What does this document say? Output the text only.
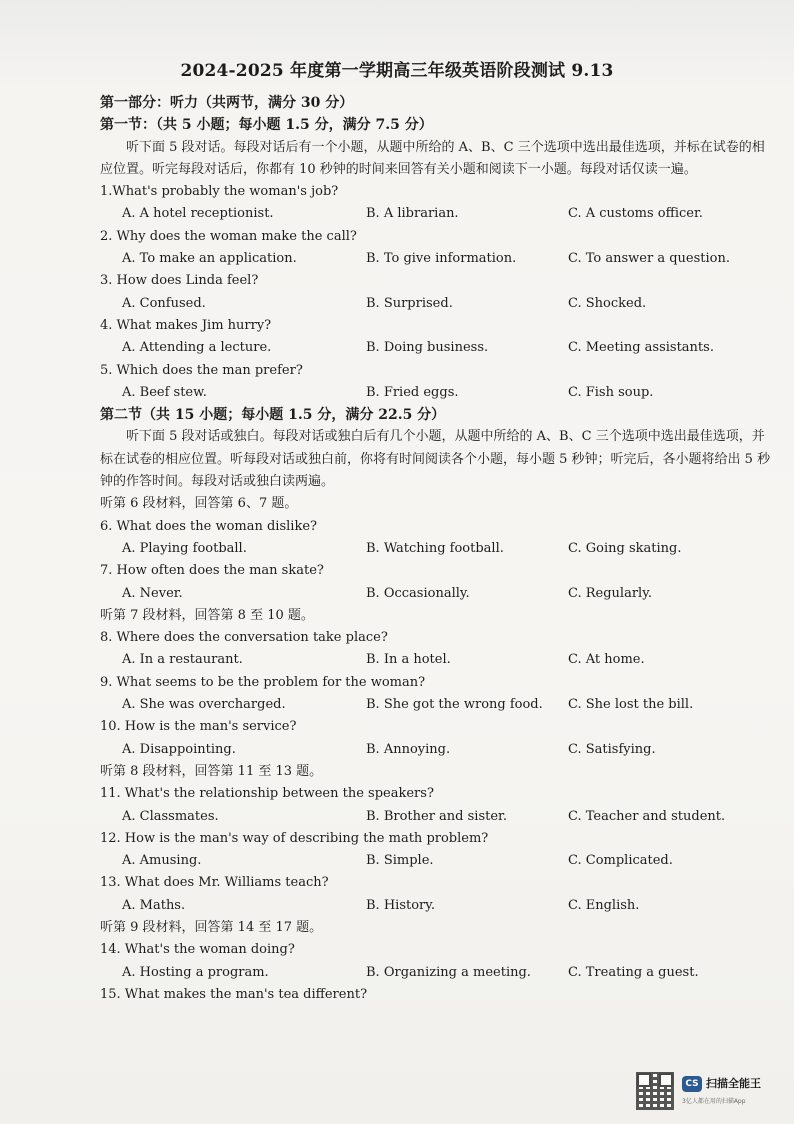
2024-2025 年度第一学期高三年级英语阶段测试 9.13
第一部分：听力（共两节，满分 30 分）
第一节：（共 5 小题；每小题 1.5 分，满分 7.5 分）
听下面 5 段对话。每段对话后有一个小题，从题中所给的 A、B、C 三个选项中选出最佳选项，并标在试卷的相应位置。听完每段对话后，你都有 10 秒钟的时间来回答有关小题和阅读下一小题。每段对话仅读一遍。
1.What's probably the woman's job?
A. A hotel receptionist.	B. A librarian.	C. A customs officer.
2. Why does the woman make the call?
A. To make an application.	B. To give information.	C. To answer a question.
3. How does Linda feel?
A. Confused.	B. Surprised.	C. Shocked.
4. What makes Jim hurry?
A. Attending a lecture.	B. Doing business.	C. Meeting assistants.
5. Which does the man prefer?
A. Beef stew.	B. Fried eggs.	C. Fish soup.
第二节（共 15 小题；每小题 1.5 分，满分 22.5 分）
听下面 5 段对话或独白。每段对话或独白后有几个小题，从题中所给的 A、B、C 三个选项中选出最佳选项，并标在试卷的相应位置。听每段对话或独白前，你将有时间阅读各个小题，每小题 5 秒钟；听完后，各小题将给出 5 秒钟的作答时间。每段对话或独白读两遍。
听第 6 段材料，回答第 6、7 题。
6. What does the woman dislike?
A. Playing football.	B. Watching football.	C. Going skating.
7. How often does the man skate?
A. Never.	B. Occasionally.	C. Regularly.
听第 7 段材料，回答第 8 至 10 题。
8. Where does the conversation take place?
A. In a restaurant.	B. In a hotel.	C. At home.
9. What seems to be the problem for the woman?
A. She was overcharged.	B. She got the wrong food. C. She lost the bill.
10. How is the man's service?
A. Disappointing.	B. Annoying.	C. Satisfying.
听第 8 段材料，回答第 11 至 13 题。
11. What's the relationship between the speakers?
A. Classmates.	B. Brother and sister.	C. Teacher and student.
12. How is the man's way of describing the math problem?
A. Amusing.	B. Simple.	C. Complicated.
13. What does Mr. Williams teach?
A. Maths.	B. History.	C. English.
听第 9 段材料，回答第 14 至 17 题。
14. What's the woman doing?
A. Hosting a program.	B. Organizing a meeting.	C. Treating a guest.
15. What makes the man's tea different?
CS 扫描全能王
3亿人都在用的扫描App
